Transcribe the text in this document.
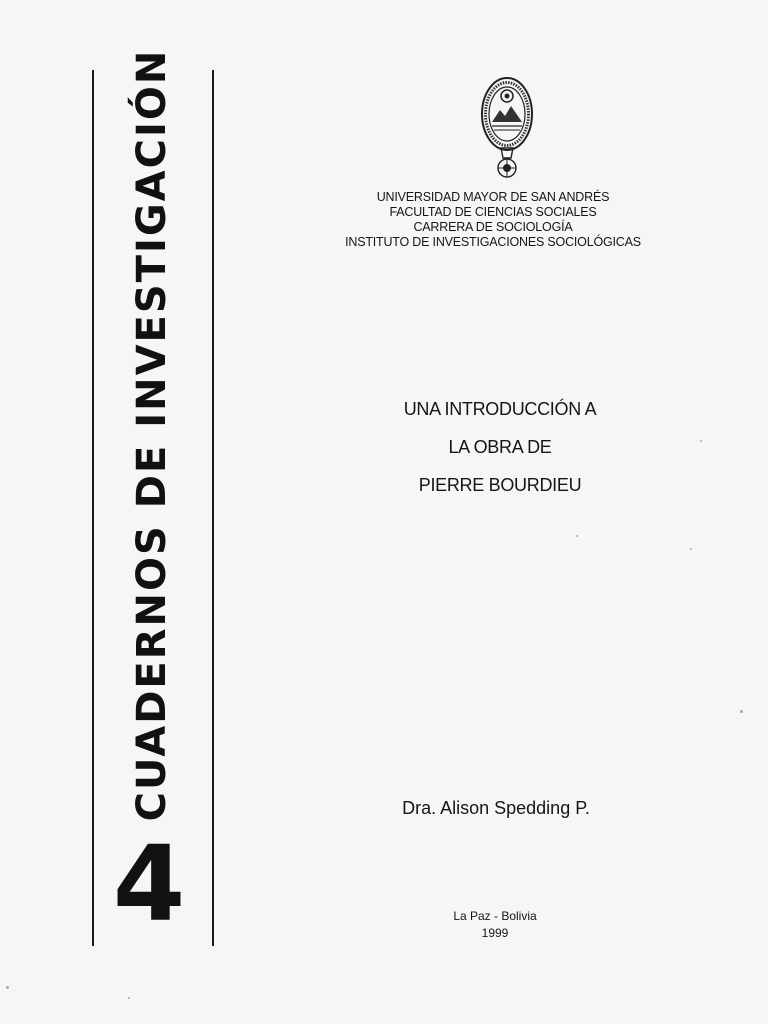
CUADERNOS DE INVESTIGACIÓN
4
UNIVERSIDAD MAYOR DE SAN ANDRÉS
FACULTAD DE CIENCIAS SOCIALES
CARRERA DE SOCIOLOGÍA
INSTITUTO DE INVESTIGACIONES SOCIOLÓGICAS
UNA INTRODUCCIÓN A
LA OBRA DE
PIERRE BOURDIEU
Dra. Alison Spedding P.
La Paz - Bolivia
1999
